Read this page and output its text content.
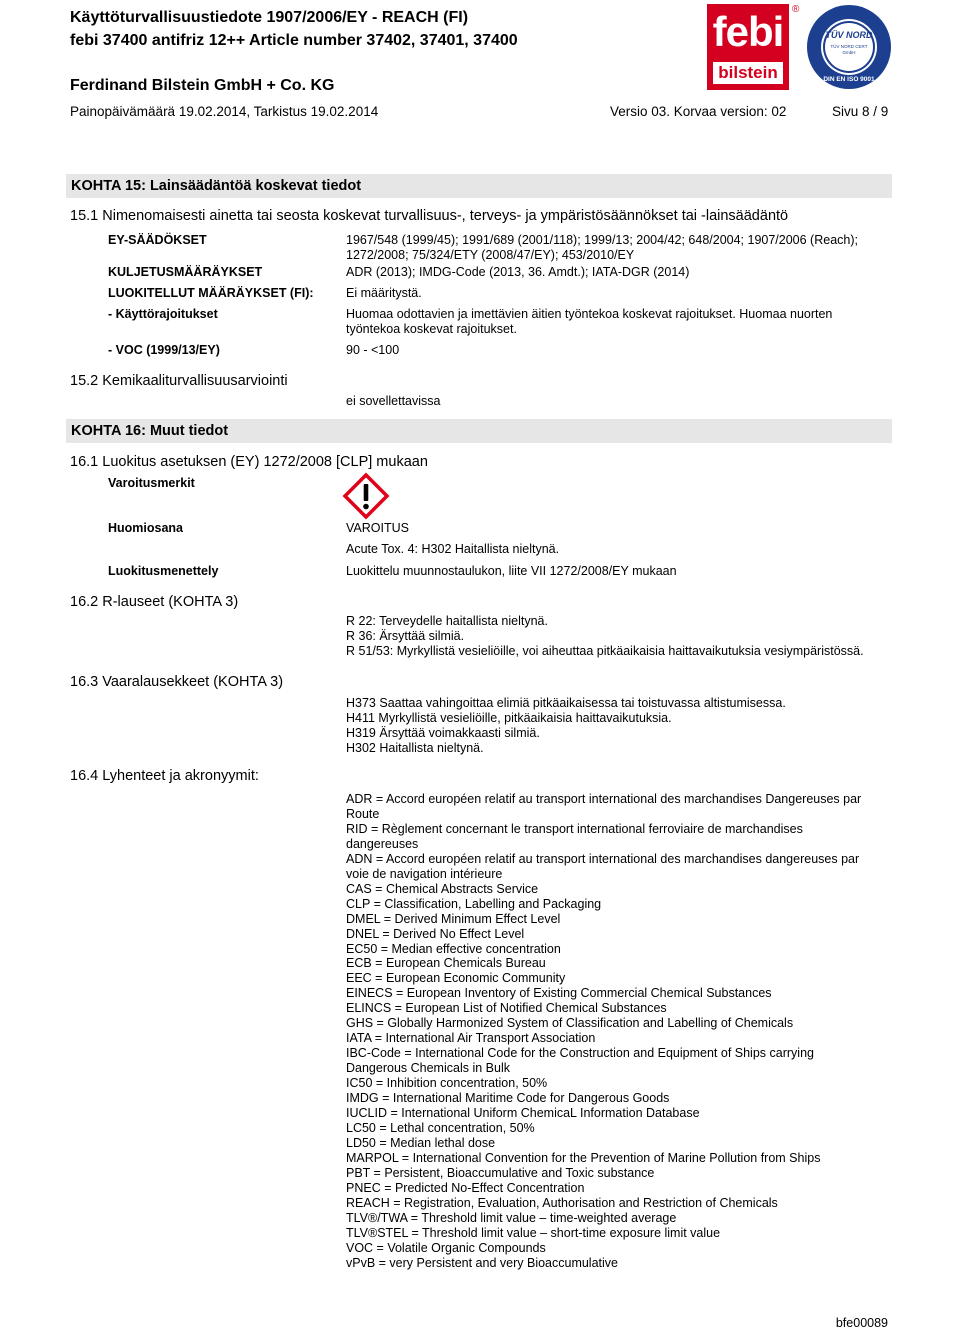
Käyttöturvallisuustiedote 1907/2006/EY - REACH (FI)
febi 37400 antifriz 12++ Article number 37402, 37401, 37400
Ferdinand Bilstein GmbH + Co. KG
Painopäivämäärä 19.02.2014, Tarkistus 19.02.2014	Versio 03. Korvaa version: 02	Sivu 8 / 9
febi
bilstein
®
TÜV NORD
TÜV NORD CERT GmbH
DIN EN ISO 9001
KOHTA 15: Lainsäädäntöä koskevat tiedot
15.1 Nimenomaisesti ainetta tai seosta koskevat turvallisuus-, terveys- ja ympäristösäännökset tai -lainsäädäntö
EY-SÄÄDÖKSET	1967/548 (1999/45); 1991/689 (2001/118); 1999/13; 2004/42; 648/2004; 1907/2006 (Reach);
1272/2008; 75/324/ETY (2008/47/EY); 453/2010/EY
KULJETUSMÄÄRÄYKSET	ADR (2013); IMDG-Code (2013, 36. Amdt.); IATA-DGR (2014)
LUOKITELLUT MÄÄRÄYKSET (FI):	Ei määritystä.
- Käyttörajoitukset	Huomaa odottavien ja imettävien äitien työntekoa koskevat rajoitukset. Huomaa nuorten
työntekoa koskevat rajoitukset.
- VOC (1999/13/EY)	90 - <100
15.2 Kemikaaliturvallisuusarviointi
ei sovellettavissa
KOHTA 16: Muut tiedot
16.1 Luokitus asetuksen (EY) 1272/2008 [CLP] mukaan
Varoitusmerkit
Huomiosana	VAROITUS
Acute Tox. 4: H302 Haitallista nieltynä.
Luokitusmenettely	Luokittelu muunnostaulukon, liite VII 1272/2008/EY mukaan
16.2 R-lauseet (KOHTA 3)
R 22: Terveydelle haitallista nieltynä.
R 36: Ärsyttää silmiä.
R 51/53: Myrkyllistä vesieliöille, voi aiheuttaa pitkäaikaisia haittavaikutuksia vesiympäristössä.
16.3 Vaaralausekkeet (KOHTA 3)
H373 Saattaa vahingoittaa elimiä pitkäaikaisessa tai toistuvassa altistumisessa.
H411 Myrkyllistä vesieliöille, pitkäaikaisia haittavaikutuksia.
H319 Ärsyttää voimakkaasti silmiä.
H302 Haitallista nieltynä.
16.4 Lyhenteet ja akronyymit:
ADR = Accord européen relatif au transport international des marchandises Dangereuses par
Route
RID = Règlement concernant le transport international ferroviaire de marchandises
dangereuses
ADN = Accord européen relatif au transport international des marchandises dangereuses par
voie de navigation intérieure
CAS = Chemical Abstracts Service
CLP = Classification, Labelling and Packaging
DMEL = Derived Minimum Effect Level
DNEL = Derived No Effect Level
EC50 = Median effective concentration
ECB = European Chemicals Bureau
EEC = European Economic Community
EINECS = European Inventory of Existing Commercial Chemical Substances
ELINCS = European List of Notified Chemical Substances
GHS = Globally Harmonized System of Classification and Labelling of Chemicals
IATA = International Air Transport Association
IBC-Code = International Code for the Construction and Equipment of Ships carrying
Dangerous Chemicals in Bulk
IC50 = Inhibition concentration, 50%
IMDG = International Maritime Code for Dangerous Goods
IUCLID = International Uniform ChemicaL Information Database
LC50 = Lethal concentration, 50%
LD50 = Median lethal dose
MARPOL = International Convention for the Prevention of Marine Pollution from Ships
PBT = Persistent, Bioaccumulative and Toxic substance
PNEC = Predicted No-Effect Concentration
REACH = Registration, Evaluation, Authorisation and Restriction of Chemicals
TLV®/TWA = Threshold limit value – time-weighted average
TLV®STEL = Threshold limit value – short-time exposure limit value
VOC = Volatile Organic Compounds
vPvB = very Persistent and very Bioaccumulative
bfe00089
